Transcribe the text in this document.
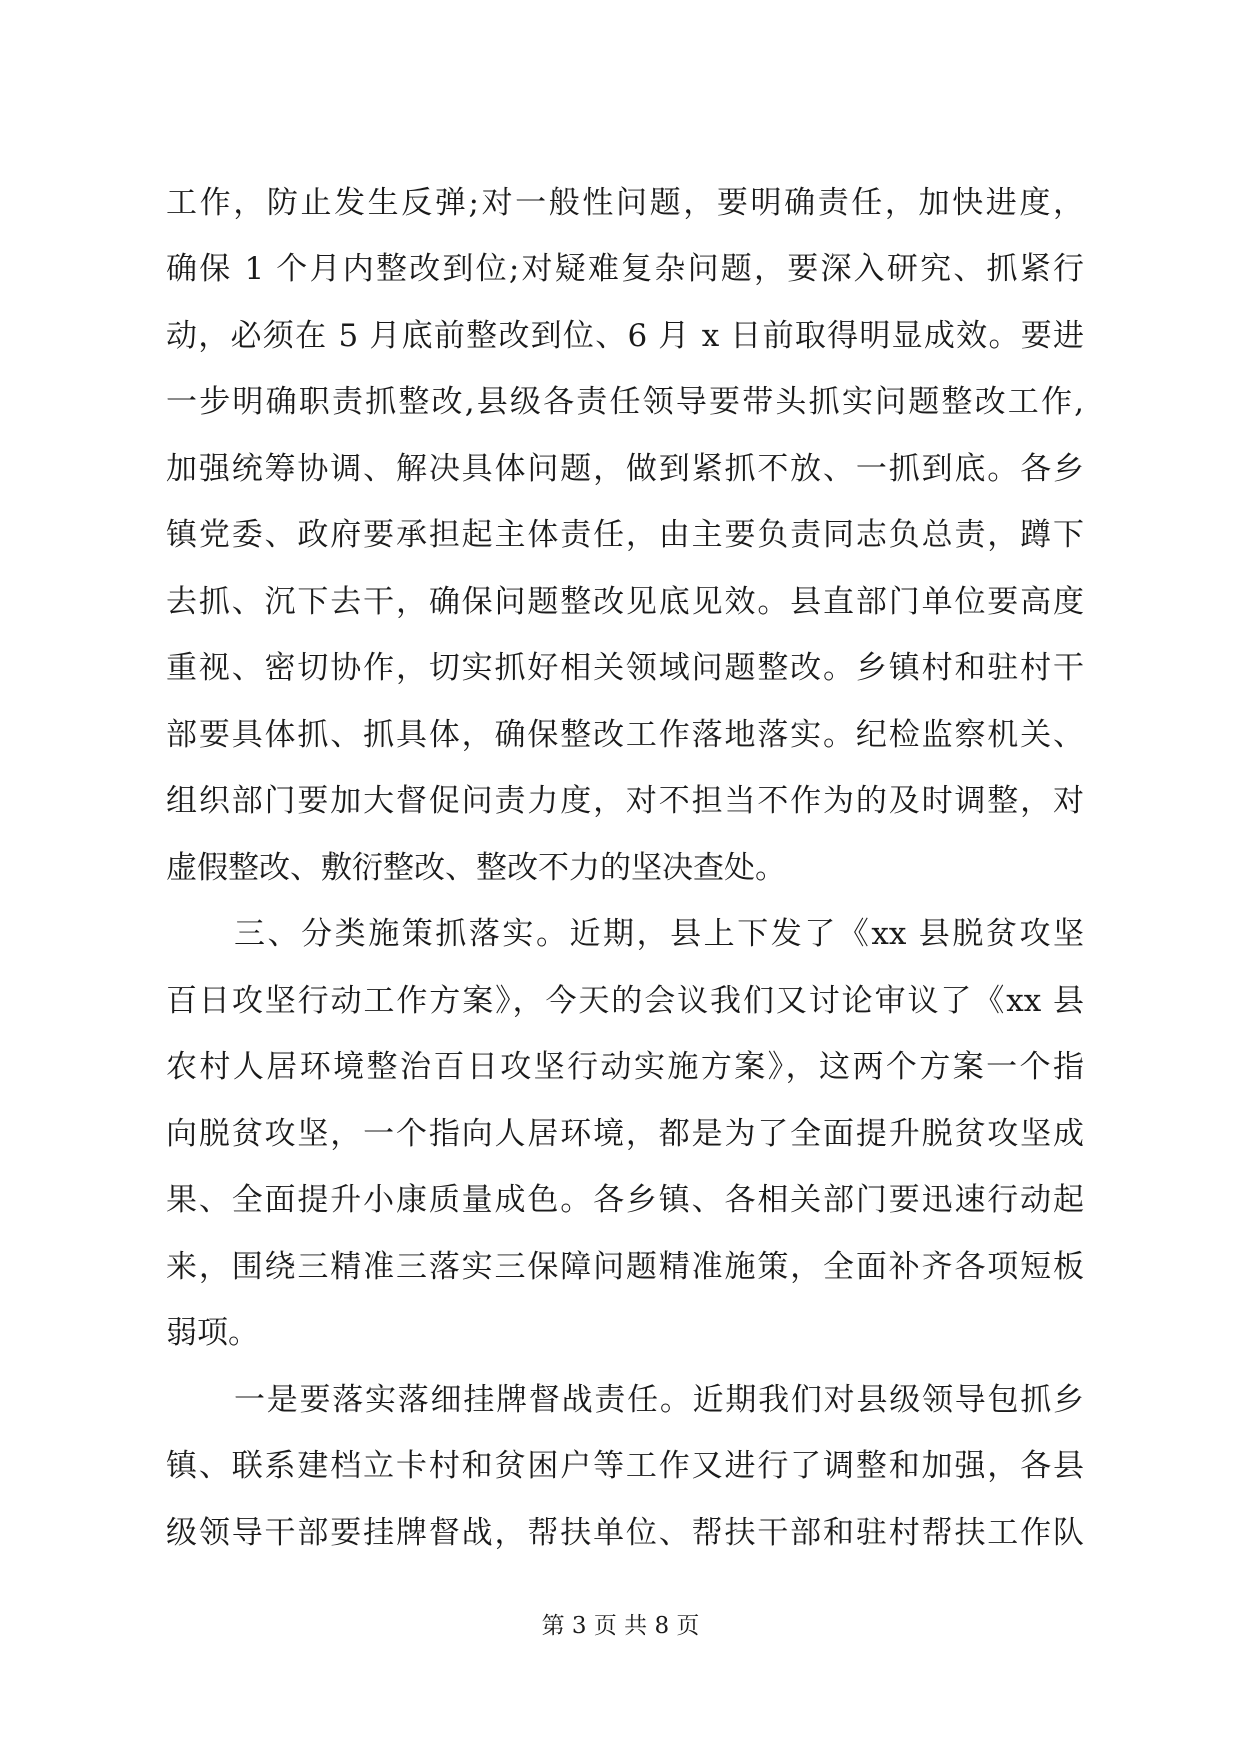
工作，防止发生反弹;对一般性问题，要明确责任，加快进度，
确保 1 个月内整改到位;对疑难复杂问题，要深入研究、抓紧行
动，必须在 5 月底前整改到位、6 月 x 日前取得明显成效。要进
一步明确职责抓整改,县级各责任领导要带头抓实问题整改工作,
加强统筹协调、解决具体问题，做到紧抓不放、一抓到底。各乡
镇党委、政府要承担起主体责任，由主要负责同志负总责，蹲下
去抓、沉下去干，确保问题整改见底见效。县直部门单位要高度
重视、密切协作，切实抓好相关领域问题整改。乡镇村和驻村干
部要具体抓、抓具体，确保整改工作落地落实。纪检监察机关、
组织部门要加大督促问责力度，对不担当不作为的及时调整，对
虚假整改、敷衍整改、整改不力的坚决查处。
三、分类施策抓落实。近期，县上下发了《xx 县脱贫攻坚
百日攻坚行动工作方案》，今天的会议我们又讨论审议了《xx 县
农村人居环境整治百日攻坚行动实施方案》，这两个方案一个指
向脱贫攻坚，一个指向人居环境，都是为了全面提升脱贫攻坚成
果、全面提升小康质量成色。各乡镇、各相关部门要迅速行动起
来，围绕三精准三落实三保障问题精准施策，全面补齐各项短板
弱项。
一是要落实落细挂牌督战责任。近期我们对县级领导包抓乡
镇、联系建档立卡村和贫困户等工作又进行了调整和加强，各县
级领导干部要挂牌督战，帮扶单位、帮扶干部和驻村帮扶工作队
第 3 页 共 8 页
